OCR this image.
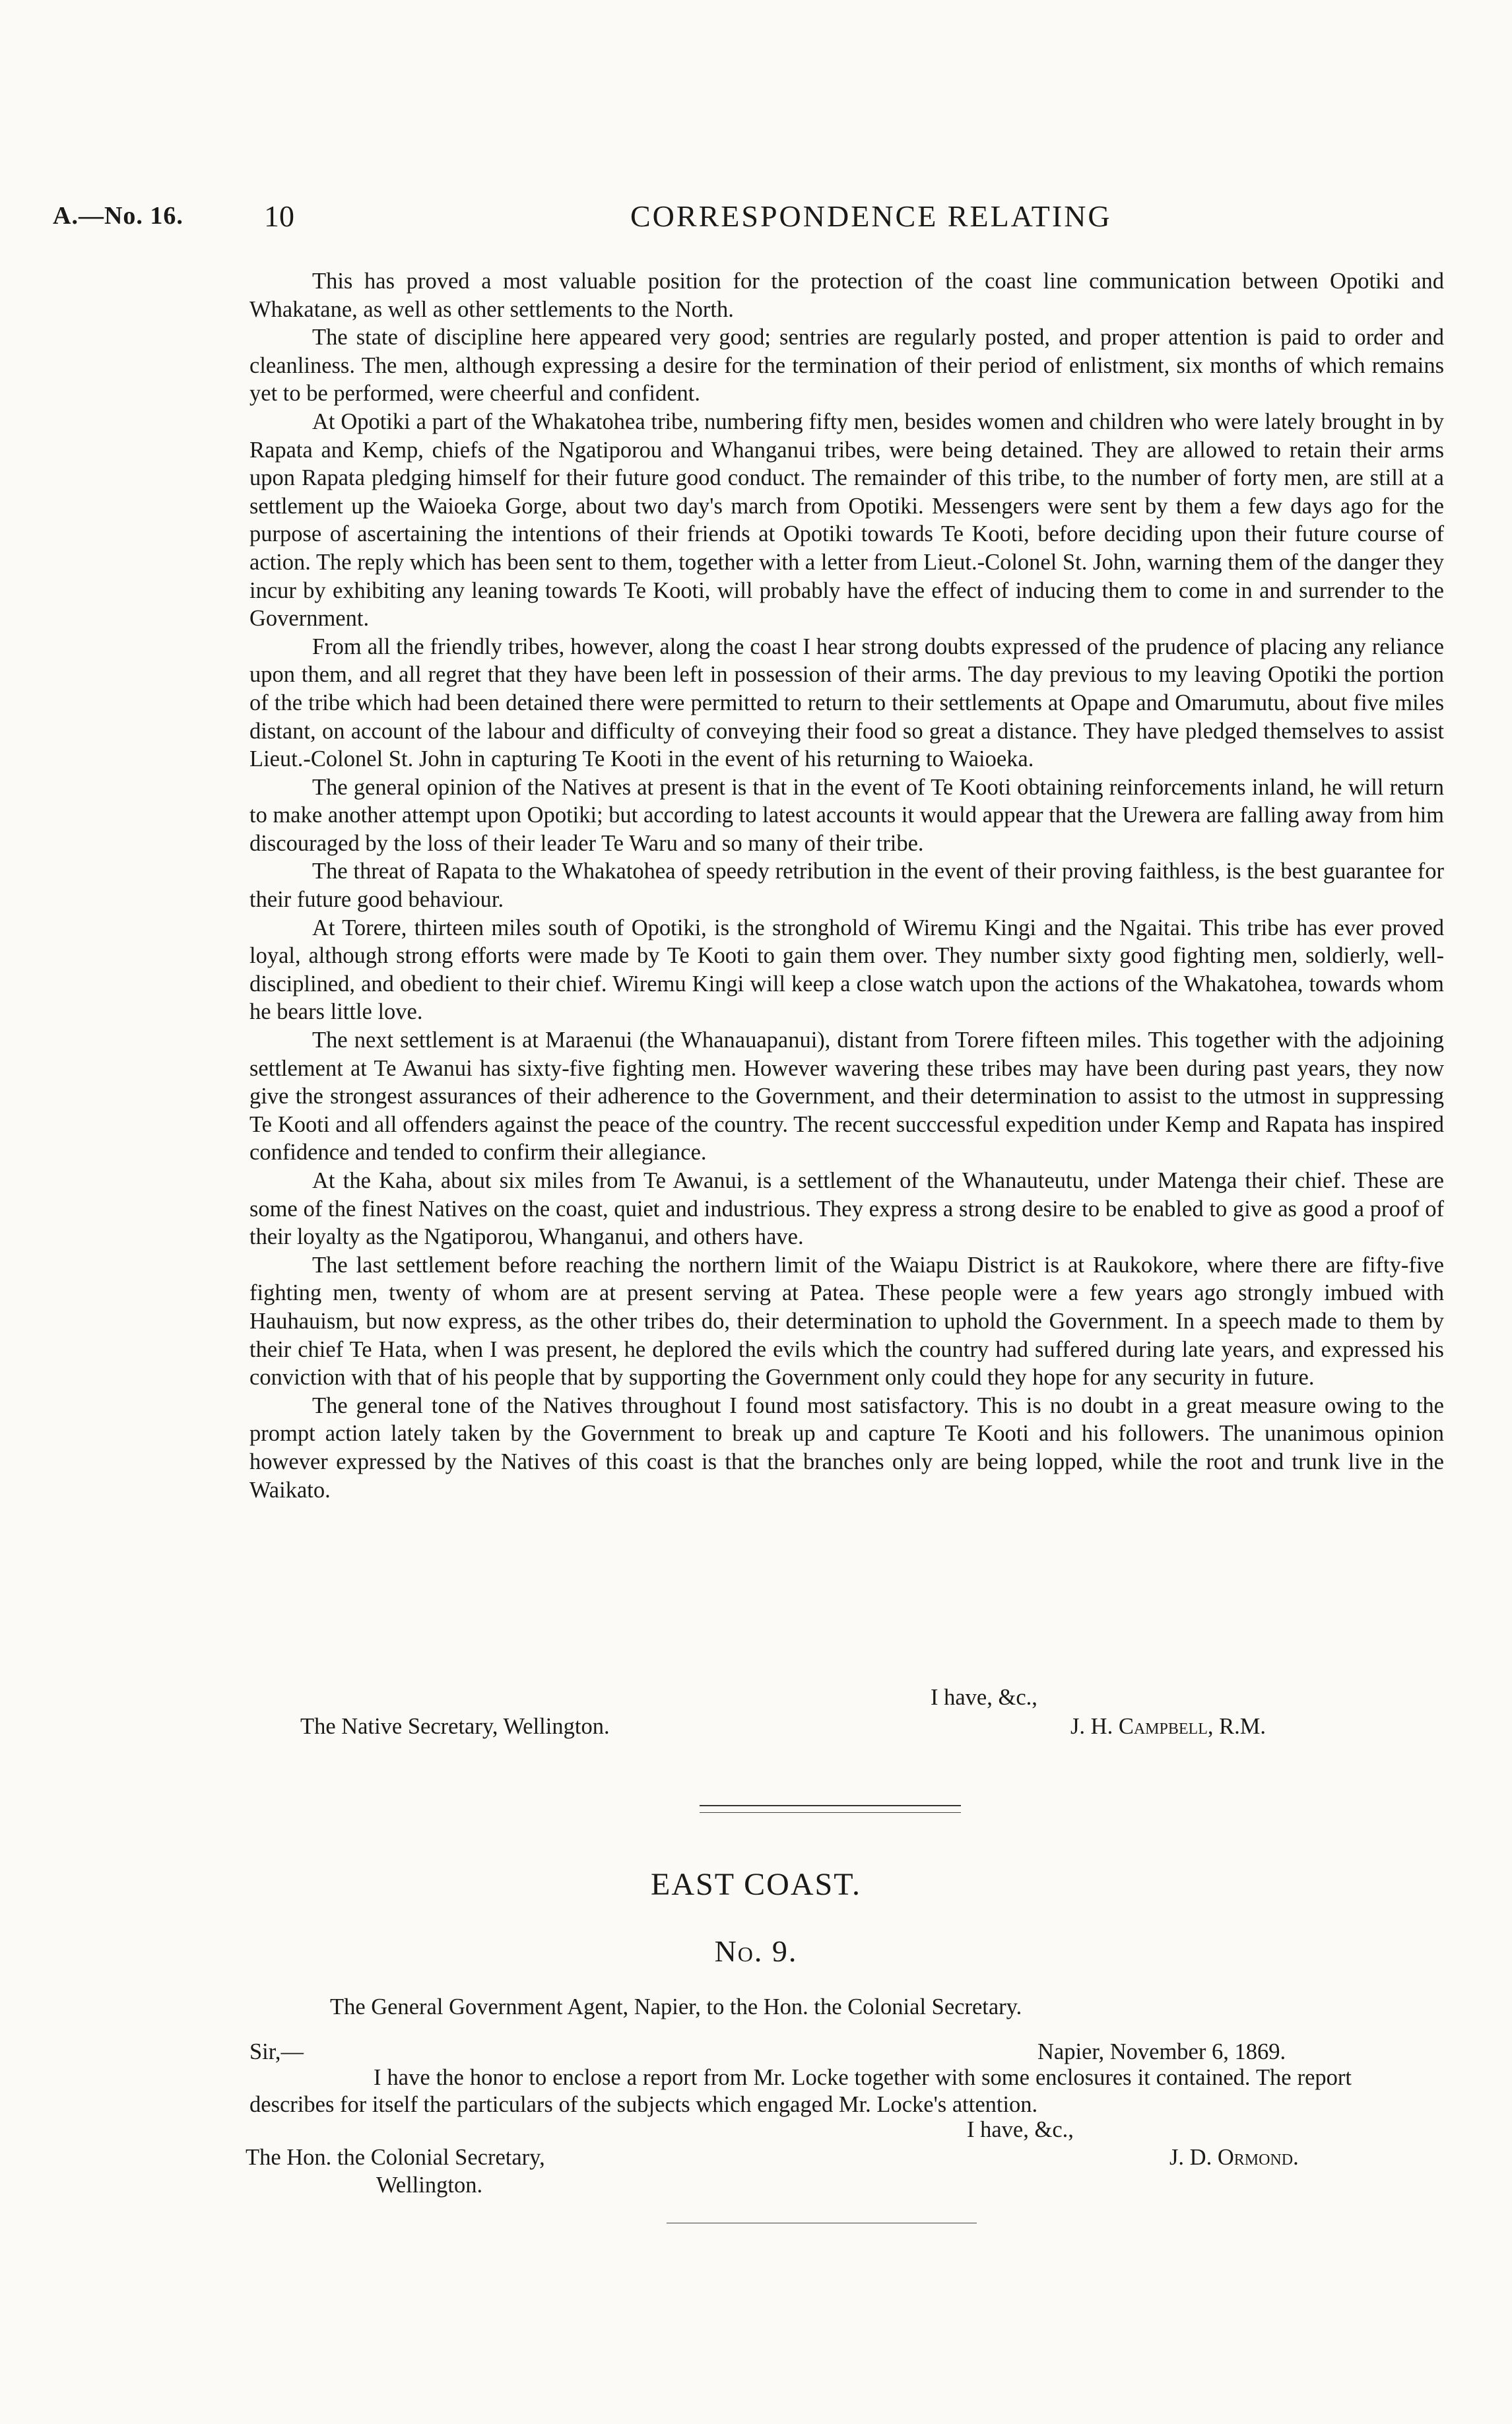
A.—No. 16.	10	CORRESPONDENCE RELATING

This has proved a most valuable position for the protection of the coast line communication between Opotiki and Whakatane, as well as other settlements to the North.

The state of discipline here appeared very good; sentries are regularly posted, and proper attention is paid to order and cleanliness. The men, although expressing a desire for the termination of their period of enlistment, six months of which remains yet to be performed, were cheerful and confident.

At Opotiki a part of the Whakatohea tribe, numbering fifty men, besides women and children who were lately brought in by Rapata and Kemp, chiefs of the Ngatiporou and Whanganui tribes, were being detained. They are allowed to retain their arms upon Rapata pledging himself for their future good conduct. The remainder of this tribe, to the number of forty men, are still at a settlement up the Waioeka Gorge, about two day's march from Opotiki. Messengers were sent by them a few days ago for the purpose of ascertaining the intentions of their friends at Opotiki towards Te Kooti, before deciding upon their future course of action. The reply which has been sent to them, together with a letter from Lieut.-Colonel St. John, warning them of the danger they incur by exhibiting any leaning towards Te Kooti, will probably have the effect of inducing them to come in and surrender to the Government.

From all the friendly tribes, however, along the coast I hear strong doubts expressed of the prudence of placing any reliance upon them, and all regret that they have been left in possession of their arms. The day previous to my leaving Opotiki the portion of the tribe which had been detained there were permitted to return to their settlements at Opape and Omarumutu, about five miles distant, on account of the labour and difficulty of conveying their food so great a distance. They have pledged themselves to assist Lieut.-Colonel St. John in capturing Te Kooti in the event of his returning to Waioeka.

The general opinion of the Natives at present is that in the event of Te Kooti obtaining reinforcements inland, he will return to make another attempt upon Opotiki; but according to latest accounts it would appear that the Urewera are falling away from him discouraged by the loss of their leader Te Waru and so many of their tribe.

The threat of Rapata to the Whakatohea of speedy retribution in the event of their proving faithless, is the best guarantee for their future good behaviour.

At Torere, thirteen miles south of Opotiki, is the stronghold of Wiremu Kingi and the Ngaitai. This tribe has ever proved loyal, although strong efforts were made by Te Kooti to gain them over. They number sixty good fighting men, soldierly, well-disciplined, and obedient to their chief. Wiremu Kingi will keep a close watch upon the actions of the Whakatohea, towards whom he bears little love.

The next settlement is at Maraenui (the Whanauapanui), distant from Torere fifteen miles. This together with the adjoining settlement at Te Awanui has sixty-five fighting men. However wavering these tribes may have been during past years, they now give the strongest assurances of their adherence to the Government, and their determination to assist to the utmost in suppressing Te Kooti and all offenders against the peace of the country. The recent succcessful expedition under Kemp and Rapata has inspired confidence and tended to confirm their allegiance.

At the Kaha, about six miles from Te Awanui, is a settlement of the Whanauteutu, under Matenga their chief. These are some of the finest Natives on the coast, quiet and industrious. They express a strong desire to be enabled to give as good a proof of their loyalty as the Ngatiporou, Whanganui, and others have.

The last settlement before reaching the northern limit of the Waiapu District is at Raukokore, where there are fifty-five fighting men, twenty of whom are at present serving at Patea. These people were a few years ago strongly imbued with Hauhauism, but now express, as the other tribes do, their determination to uphold the Government. In a speech made to them by their chief Te Hata, when I was present, he deplored the evils which the country had suffered during late years, and expressed his conviction with that of his people that by supporting the Government only could they hope for any security in future.

The general tone of the Natives throughout I found most satisfactory. This is no doubt in a great measure owing to the prompt action lately taken by the Government to break up and capture Te Kooti and his followers. The unanimous opinion however expressed by the Natives of this coast is that the branches only are being lopped, while the root and trunk live in the Waikato.

I have, &c.,
The Native Secretary, Wellington.	J. H. Campbell, R.M.
EAST COAST.
No. 9.
The General Government Agent, Napier, to the Hon. the Colonial Secretary.
Sir,—	Napier, November 6, 1869.

I have the honor to enclose a report from Mr. Locke together with some enclosures it contained. The report describes for itself the particulars of the subjects which engaged Mr. Locke's attention.

I have, &c.,
The Hon. the Colonial Secretary,	J. D. Ormond.
Wellington.
